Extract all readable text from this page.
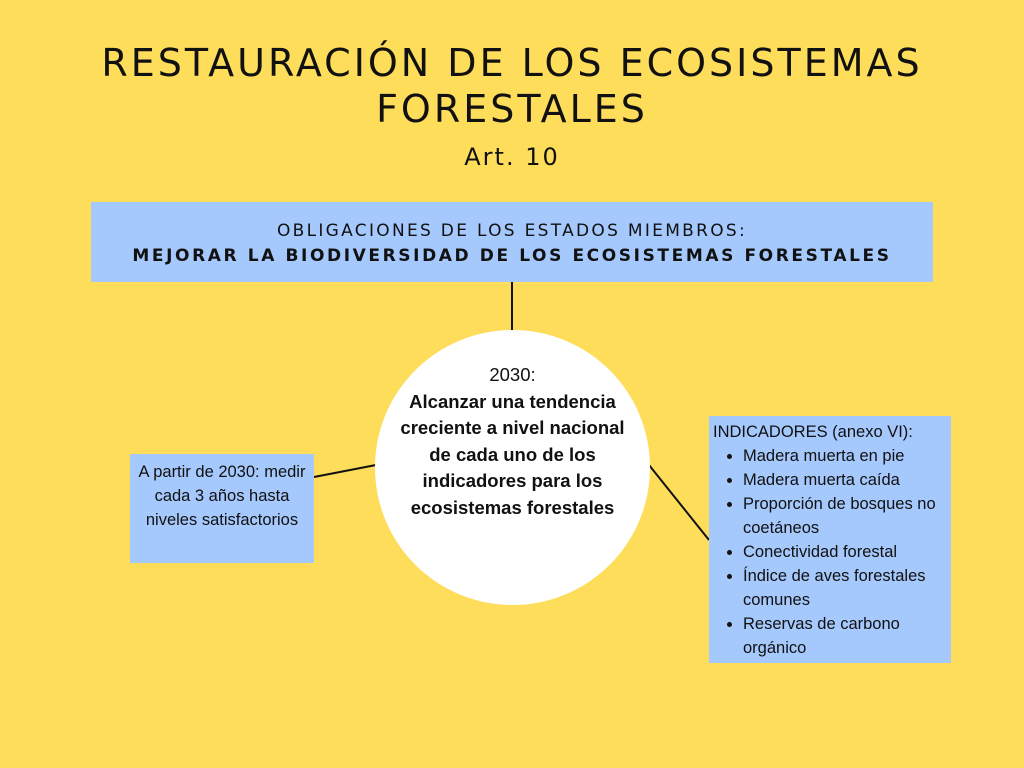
RESTAURACIÓN DE LOS ECOSISTEMAS
FORESTALES
Art. 10
OBLIGACIONES DE LOS ESTADOS MIEMBROS:
MEJORAR LA BIODIVERSIDAD DE LOS ECOSISTEMAS FORESTALES
2030:
Alcanzar una tendencia creciente a nivel nacional de cada uno de los indicadores para los ecosistemas forestales
A partir de 2030: medir cada 3 años hasta niveles satisfactorios
INDICADORES (anexo VI):
• Madera muerta en pie
• Madera muerta caída
• Proporción de bosques no coetáneos
• Conectividad forestal
• Índice de aves forestales comunes
• Reservas de carbono orgánico
